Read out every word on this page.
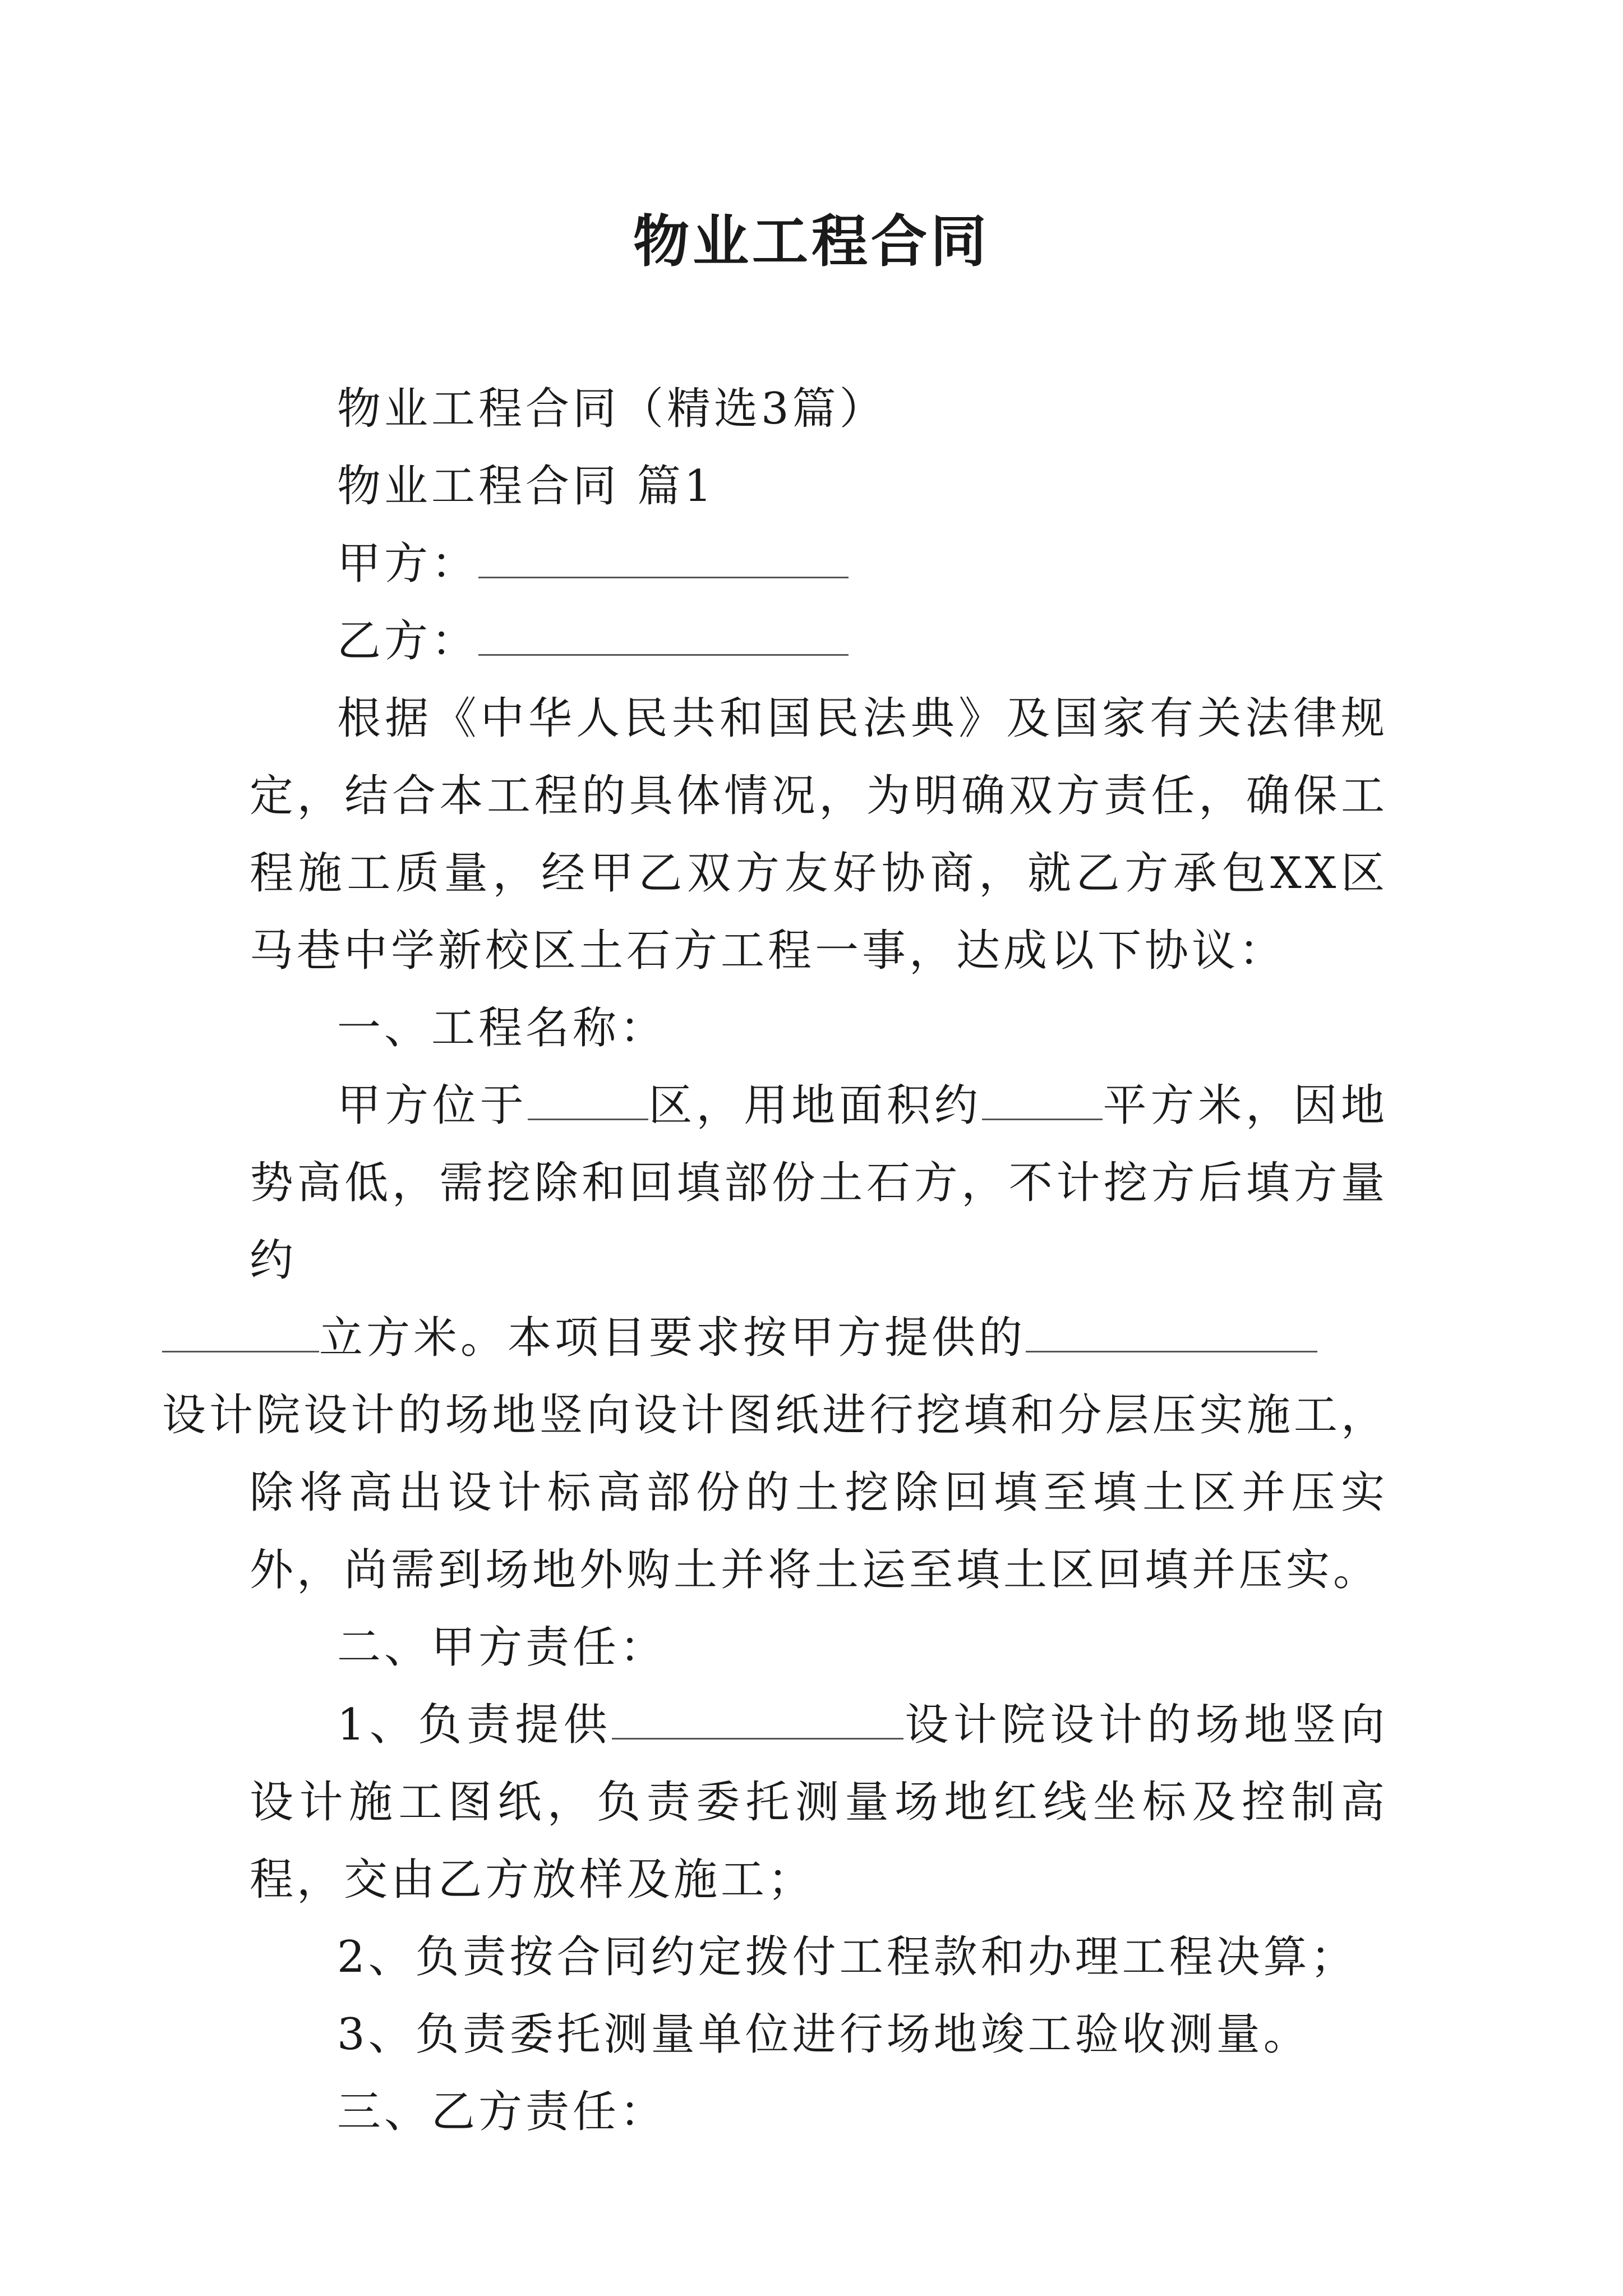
物业工程合同

物业工程合同（精选3篇）

物业工程合同 篇1

甲方：

乙方：

根据《中华人民共和国民法典》及国家有关法律规定，结合本工程的具体情况，为明确双方责任，确保工程施工质量，经甲乙双方友好协商，就乙方承包XX区马巷中学新校区土石方工程一事，达成以下协议：

一、工程名称：

甲方位于	区，用地面积约	平方米，因地势高低，需挖除和回填部份土石方，不计挖方后填方量约
立方米。本项目要求按甲方提供的
设计院设计的场地竖向设计图纸进行挖填和分层压实施工，除将高出设计标高部份的土挖除回填至填土区并压实外，尚需到场地外购土并将土运至填土区回填并压实。

二、甲方责任：

1、负责提供	设计院设计的场地竖向设计施工图纸，负责委托测量场地红线坐标及控制高程，交由乙方放样及施工；

2、负责按合同约定拨付工程款和办理工程决算；

3、负责委托测量单位进行场地竣工验收测量。

三、乙方责任：
